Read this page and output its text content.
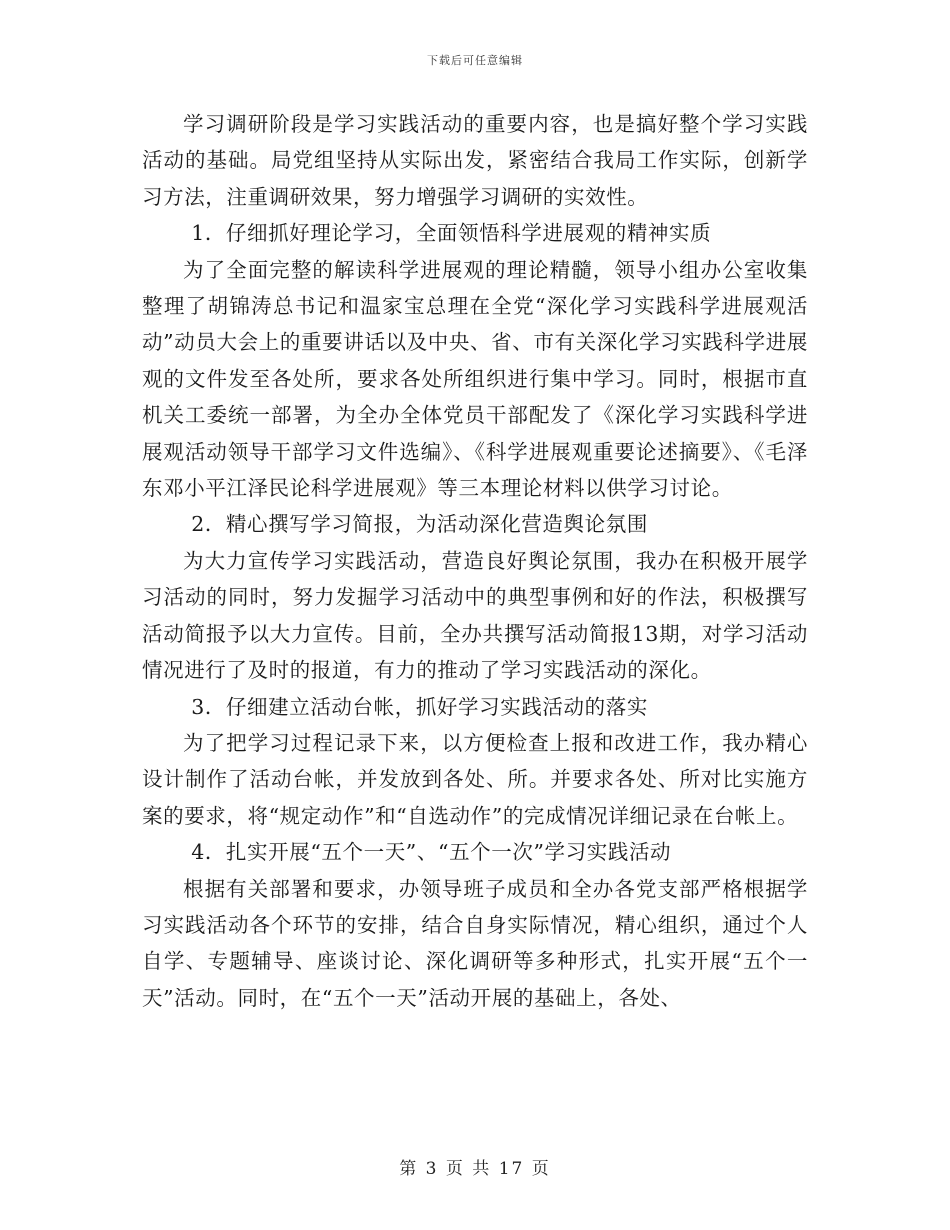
下载后可任意编辑

学习调研阶段是学习实践活动的重要内容，也是搞好整个学习实践活动的基础。局党组坚持从实际出发，紧密结合我局工作实际，创新学习方法，注重调研效果，努力增强学习调研的实效性。

1．仔细抓好理论学习，全面领悟科学进展观的精神实质

为了全面完整的解读科学进展观的理论精髓，领导小组办公室收集整理了胡锦涛总书记和温家宝总理在全党“深化学习实践科学进展观活动”动员大会上的重要讲话以及中央、省、市有关深化学习实践科学进展观的文件发至各处所，要求各处所组织进行集中学习。同时，根据市直机关工委统一部署，为全办全体党员干部配发了《深化学习实践科学进展观活动领导干部学习文件选编》、《科学进展观重要论述摘要》、《毛泽东邓小平江泽民论科学进展观》等三本理论材料以供学习讨论。

2．精心撰写学习简报，为活动深化营造舆论氛围

为大力宣传学习实践活动，营造良好舆论氛围，我办在积极开展学习活动的同时，努力发掘学习活动中的典型事例和好的作法，积极撰写活动简报予以大力宣传。目前，全办共撰写活动简报13期，对学习活动情况进行了及时的报道，有力的推动了学习实践活动的深化。

3．仔细建立活动台帐，抓好学习实践活动的落实

为了把学习过程记录下来，以方便检查上报和改进工作，我办精心设计制作了活动台帐，并发放到各处、所。并要求各处、所对比实施方案的要求，将“规定动作”和“自选动作”的完成情况详细记录在台帐上。

4．扎实开展“五个一天”、“五个一次”学习实践活动

根据有关部署和要求，办领导班子成员和全办各党支部严格根据学习实践活动各个环节的安排，结合自身实际情况，精心组织，通过个人自学、专题辅导、座谈讨论、深化调研等多种形式，扎实开展“五个一天”活动。同时，在“五个一天”活动开展的基础上，各处、

第 3 页 共 17 页
